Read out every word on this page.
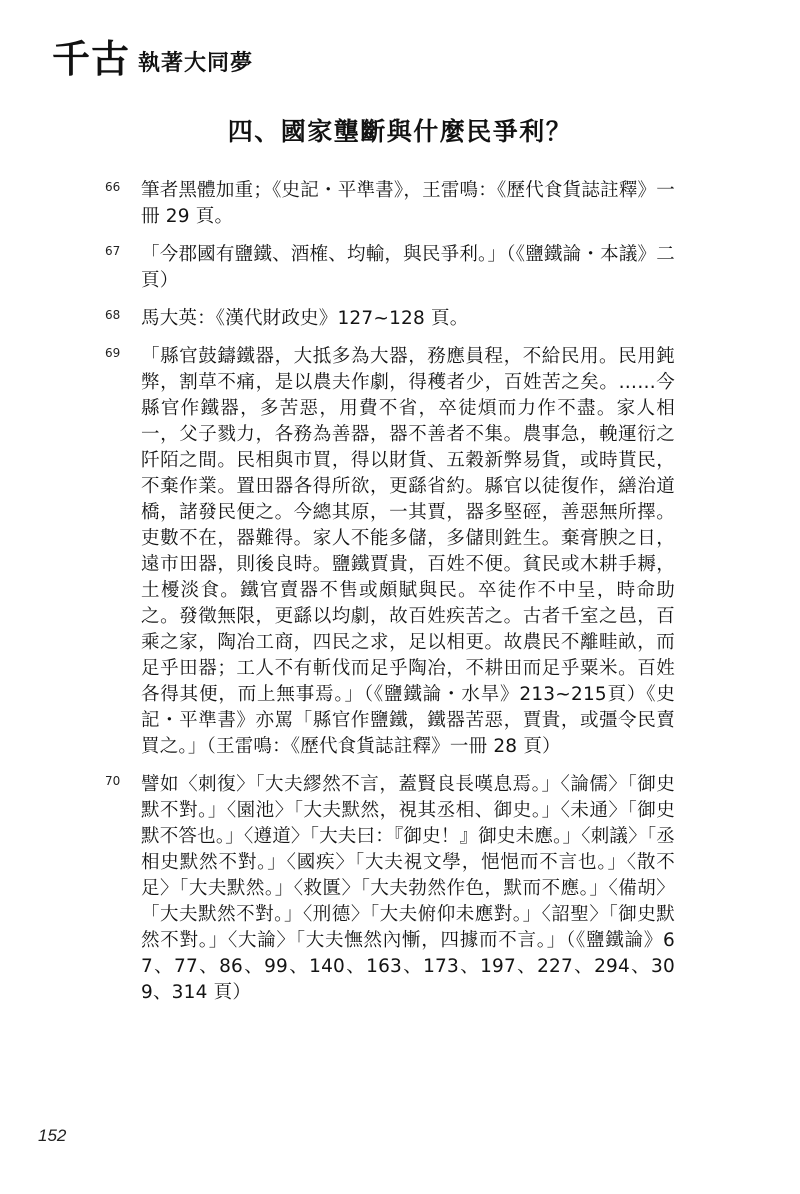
千古 執著大同夢
四、國家壟斷與什麼民爭利？
66	筆者黑體加重；《史記・平準書》，王雷鳴：《歷代食貨誌註釋》一冊 29 頁。
67	「今郡國有鹽鐵、酒榷、均輸，與民爭利。」（《鹽鐵論・本議》二頁）
68	馬大英：《漢代財政史》127~128 頁。
69	「縣官鼓鑄鐵器，大抵多為大器，務應員程，不給民用。民用鈍弊，割草不痛，是以農夫作劇，得穫者少，百姓苦之矣。……今縣官作鐵器，多苦惡，用費不省，卒徒煩而力作不盡。家人相一，父子戮力，各務為善器，器不善者不集。農事急，輓運衍之阡陌之間。民相與市買，得以財貨、五穀新弊易貨，或時貰民，不棄作業。置田器各得所欲，更繇省約。縣官以徒復作，繕治道橋，諸發民便之。今總其原，一其賈，器多堅硜，善惡無所擇。吏數不在，器難得。家人不能多儲，多儲則鉎生。棄膏腴之日，遠市田器，則後良時。鹽鐵賈貴，百姓不便。貧民或木耕手耨，土櫌淡食。鐵官賣器不售或頗賦與民。卒徒作不中呈，時命助之。發徵無限，更繇以均劇，故百姓疾苦之。古者千室之邑，百乘之家，陶冶工商，四民之求，足以相更。故農民不離畦畝，而足乎田器；工人不有斬伐而足乎陶冶，不耕田而足乎粟米。百姓各得其便，而上無事焉。」（《鹽鐵論・水旱》213~215頁）《史記・平準書》亦罵「縣官作鹽鐵，鐵器苦惡，賈貴，或彊令民賣買之。」（王雷鳴：《歷代食貨誌註釋》一冊 28 頁）
70	譬如〈刺復〉「大夫繆然不言，蓋賢良長嘆息焉。」〈論儒〉「御史默不對。」〈園池〉「大夫默然，視其丞相、御史。」〈未通〉「御史默不答也。」〈遵道〉「大夫曰：『御史！』御史未應。」〈刺議〉「丞相史默然不對。」〈國疾〉「大夫視文學，悒悒而不言也。」〈散不足〉「大夫默然。」〈救匱〉「大夫勃然作色，默而不應。」〈備胡〉「大夫默然不對。」〈刑德〉「大夫俯仰未應對。」〈詔聖〉「御史默然不對。」〈大論〉「大夫憮然內慚，四據而不言。」（《鹽鐵論》67、77、86、99、140、163、173、197、227、294、309、314 頁）
152
